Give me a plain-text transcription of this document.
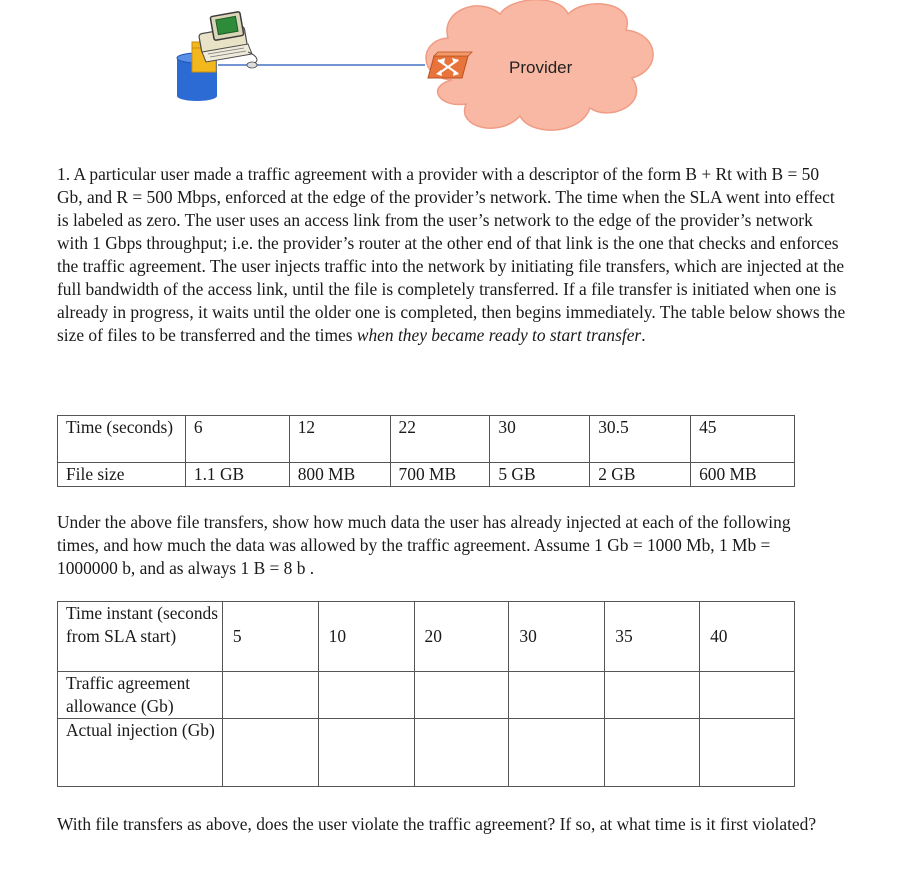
Provider

1. A particular user made a traffic agreement with a provider with a descriptor of the form B + Rt with B = 50 Gb, and R = 500 Mbps, enforced at the edge of the provider’s network. The time when the SLA went into effect is labeled as zero. The user uses an access link from the user’s network to the edge of the provider’s network with 1 Gbps throughput; i.e. the provider’s router at the other end of that link is the one that checks and enforces the traffic agreement. The user injects traffic into the network by initiating file transfers, which are injected at the full bandwidth of the access link, until the file is completely transferred. If a file transfer is initiated when one is already in progress, it waits until the older one is completed, then begins immediately. The table below shows the size of files to be transferred and the times when they became ready to start transfer.

Time (seconds)	6	12	22	30	30.5	45
File size	1.1 GB	800 MB	700 MB	5 GB	2 GB	600 MB

Under the above file transfers, show how much data the user has already injected at each of the following times, and how much the data was allowed by the traffic agreement. Assume 1 Gb = 1000 Mb, 1 Mb = 1000000 b, and as always 1 B = 8 b .

Time instant (seconds from SLA start)	5	10	20	30	35	40
Traffic agreement allowance (Gb)						
Actual injection (Gb)						

With file transfers as above, does the user violate the traffic agreement? If so, at what time is it first violated?
